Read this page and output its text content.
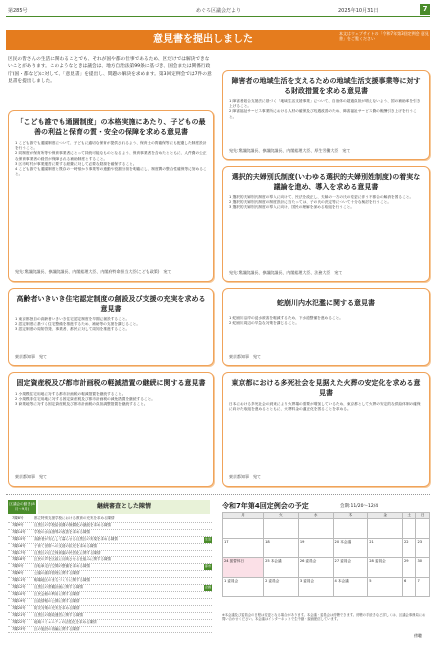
第285号	めぐろ区議会だより	2025年10月31日	7
意見書を提出しました
本文はウェブサイトの「令和7年第3回定例会 意見書」をご覧ください
区民の皆さんの生活に関わることでも、それが国や都の仕事であるため、区だけでは解決できないことがあります。このようなときは議会は、地方自治法第99条に基づき、国会または関係行政庁(国・都など)に対して、「意見書」を提出し、問題の解決を求めます。第3回定例会では7件の意見書を提出しました。
「こども誰でも通園制度」の本格実施にあたり、子どもの最善の利益と保育の質・安全の保障を求める意見書
1 こども誰でも通園制度について、子どもに適切な保育が提供されるよう、保育士の質確保等にも配慮した制度設計を行うこと。
2 同制度が保育所等や保育事業者にとって持続可能なものとなるよう、保育事業者を含めたとともに、人件費の公正な保育事業者の経営が保障される補助制度とすること。
3 区市町村が事業運営に要する経費に対して必要な財源を確保すること。
4 こども誰でも通園制度と既存の一時預かり事業等の連動や役割分担を明確にし、制度間の整合性確保等に努めること。
宛先:衆議院議長、参議院議長、内閣総理大臣、内閣府特命担当大臣(こども政策)　宛て
障害者の地域生活を支えるための地域生活支援事業等に対する財政措置を求める意見書
1 障害者総合支援法に基づく「地域生活支援事業」について、自治体の超過負担が増えないよう、国の補助率を引き上げること。
2 障害福祉サービス事業所における人材の確保及び処遇改善のため、障害福祉サービス費の報酬引き上げを行うこと。
宛先:衆議院議長、参議院議長、内閣総理大臣、厚生労働大臣　宛て
選択的夫婦別氏制度(いわゆる選択的夫婦別姓制度)の着実な議論を進め、導入を求める意見書
1 選択的夫婦別氏制度の導入に向けて、民法を改正し、夫婦の一方の氏の変更に伴う不都合の解消を図ること。
2 選択的夫婦別氏制度の制度設計に当たっては、子の氏の決定等について十分な検討を行うこと。
3 選択的夫婦別氏制度の導入に向け、国民の理解を深める取組を行うこと。
宛先:衆議院議長、参議院議長、内閣総理大臣、法務大臣　宛て
高齢者いきいき住宅認定制度の創設及び支援の充実を求める意見書
1 東京都独自の高齢者いきいき住宅認定制度を早期に創設すること。
2 認定制度に基づく住宅整備を推進するため、補助等の支援を講じること。
3 認定制度の周知啓発、事業者、都民に対して周知を推進すること。
東京都知事　宛て
蛇崩川内水氾濫に関する意見書
1 蛇崩川沿岸の浸水被害を軽減するため、下水道整備を進めること。
2 蛇崩川周辺の早急な対策を講じること。
東京都知事　宛て
固定資産税及び都市計画税の軽減措置の継続に関する意見書
1 小規模住宅用地に対する都市計画税の軽減措置を継続すること。
2 小規模非住宅用地に対する固定資産税及び都市計画税の減免措置を継続すること。
3 商業地等に対する固定資産税及び都市計画税の負担調整措置を継続すること。
東京都知事　宛て
東京都における多死社会を見据えた火葬の安定化を求める意見書
日本における多死社会の到来により火葬場の需要が増加しているため、東京都として火葬の安定的な供給体制の確保に向けた取組を進めるとともに、火葬料金の適正化を図ることを求める。
東京都知事　宛て
区議会の動き(8月〜9月)	継続審査とした陳情
7陳8号	都立特別支援学校における教育の充実を求める陳情
7陳9号	目黒区の学校給食費の無償化の継続を求める陳情
7陳14号	学校の水泳指導の改善を求める陳情
7陳15号	高齢者が安心して暮らせる目黒区の実現を求める陳情	生活
7陳16号	子育て世帯への支援の拡充を求める陳情
7陳17号	目黒区の区立保育園の民営化に関する陳情
7陳18号	区民の声を区政に反映させる仕組みに関する陳情
7陳5号	自転車走行空間の整備を求める陳情	都市
7陳6号	公園の維持管理に関する陳情
7陳11号	駒場地区のまちづくりに関する陳情
7陳12号	目黒区の景観計画に関する陳情	企画
7陳10号	区民会館の利用に関する陳情
7陳19号	区政情報の公開に関する陳情
7陳20号	防災対策の充実を求める陳情
7陳21号	目黒区の財政運営に関する陳情
7陳22号	地域コミュニティの活性化を求める陳情
7陳23号	区の施設の再編に関する陳情
令和7年第4回定例会の予定	会期:11/20〜12/4
月	火	水	木	金	土	日

17	18	19	20 本会議	21	22	23
24 振替休日	25 本会議	26 委員会	27 委員会	28 委員会	29	30
1 委員会	2 委員会	3 委員会	4 本会議	5	6	7
※本会議及び委員会の日程は変更となる場合があります。本会議・委員会は傍聴できます。傍聴の手続きなど詳しくは、区議会事務局にお問い合わせください。本会議はインターネットで生中継・録画配信しています。
傍聴
